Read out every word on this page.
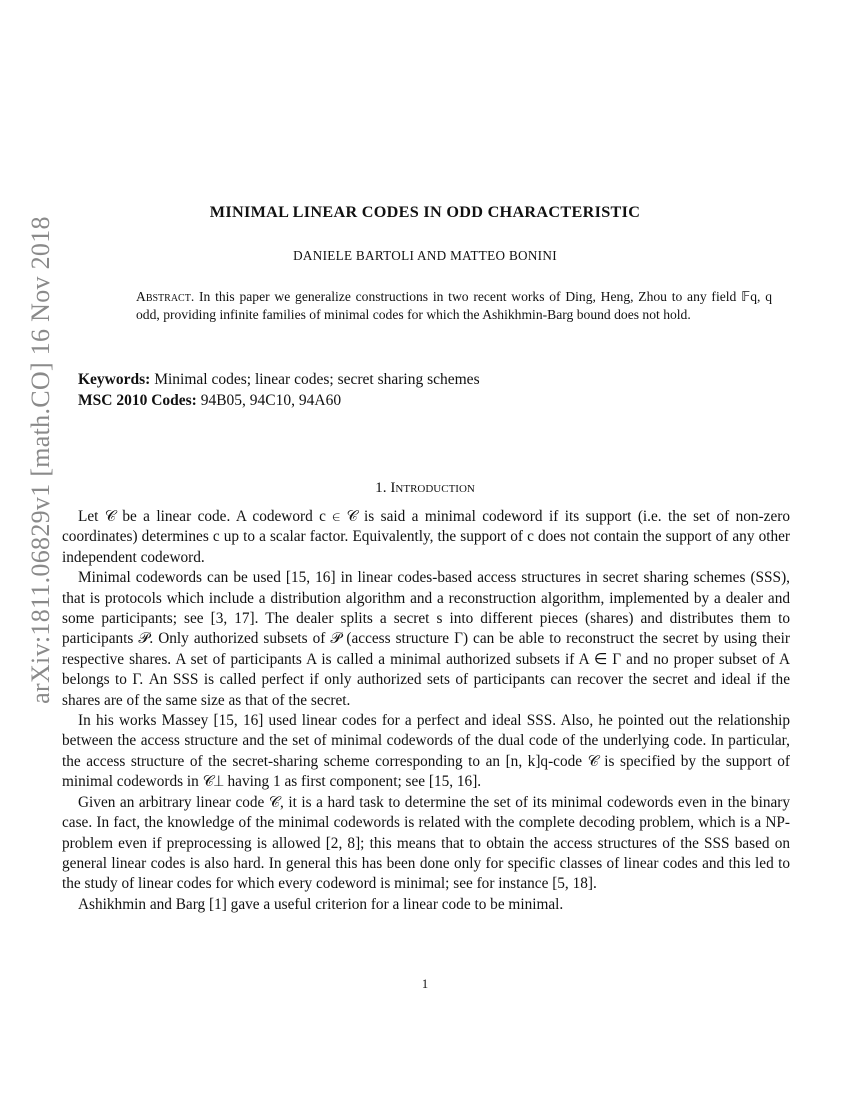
arXiv:1811.06829v1 [math.CO] 16 Nov 2018
MINIMAL LINEAR CODES IN ODD CHARACTERISTIC
DANIELE BARTOLI AND MATTEO BONINI
Abstract. In this paper we generalize constructions in two recent works of Ding, Heng, Zhou to any field 𝔽q, q odd, providing infinite families of minimal codes for which the Ashikhmin-Barg bound does not hold.
Keywords: Minimal codes; linear codes; secret sharing schemes
MSC 2010 Codes: 94B05, 94C10, 94A60
1. Introduction

Let 𝒞 be a linear code. A codeword c ∈ 𝒞 is said a minimal codeword if its support (i.e. the set of non-zero coordinates) determines c up to a scalar factor. Equivalently, the support of c does not contain the support of any other independent codeword.

Minimal codewords can be used [15, 16] in linear codes-based access structures in secret sharing schemes (SSS), that is protocols which include a distribution algorithm and a reconstruction algorithm, implemented by a dealer and some participants; see [3, 17]. The dealer splits a secret s into different pieces (shares) and distributes them to participants 𝒫. Only authorized subsets of 𝒫 (access structure Γ) can be able to reconstruct the secret by using their respective shares. A set of participants A is called a minimal authorized subsets if A ∈ Γ and no proper subset of A belongs to Γ. An SSS is called perfect if only authorized sets of participants can recover the secret and ideal if the shares are of the same size as that of the secret.

In his works Massey [15, 16] used linear codes for a perfect and ideal SSS. Also, he pointed out the relationship between the access structure and the set of minimal codewords of the dual code of the underlying code. In particular, the access structure of the secret-sharing scheme corresponding to an [n, k]q-code 𝒞 is specified by the support of minimal codewords in 𝒞⊥ having 1 as first component; see [15, 16].

Given an arbitrary linear code 𝒞, it is a hard task to determine the set of its minimal codewords even in the binary case. In fact, the knowledge of the minimal codewords is related with the complete decoding problem, which is a NP-problem even if preprocessing is allowed [2, 8]; this means that to obtain the access structures of the SSS based on general linear codes is also hard. In general this has been done only for specific classes of linear codes and this led to the study of linear codes for which every codeword is minimal; see for instance [5, 18].

Ashikhmin and Barg [1] gave a useful criterion for a linear code to be minimal.

1
